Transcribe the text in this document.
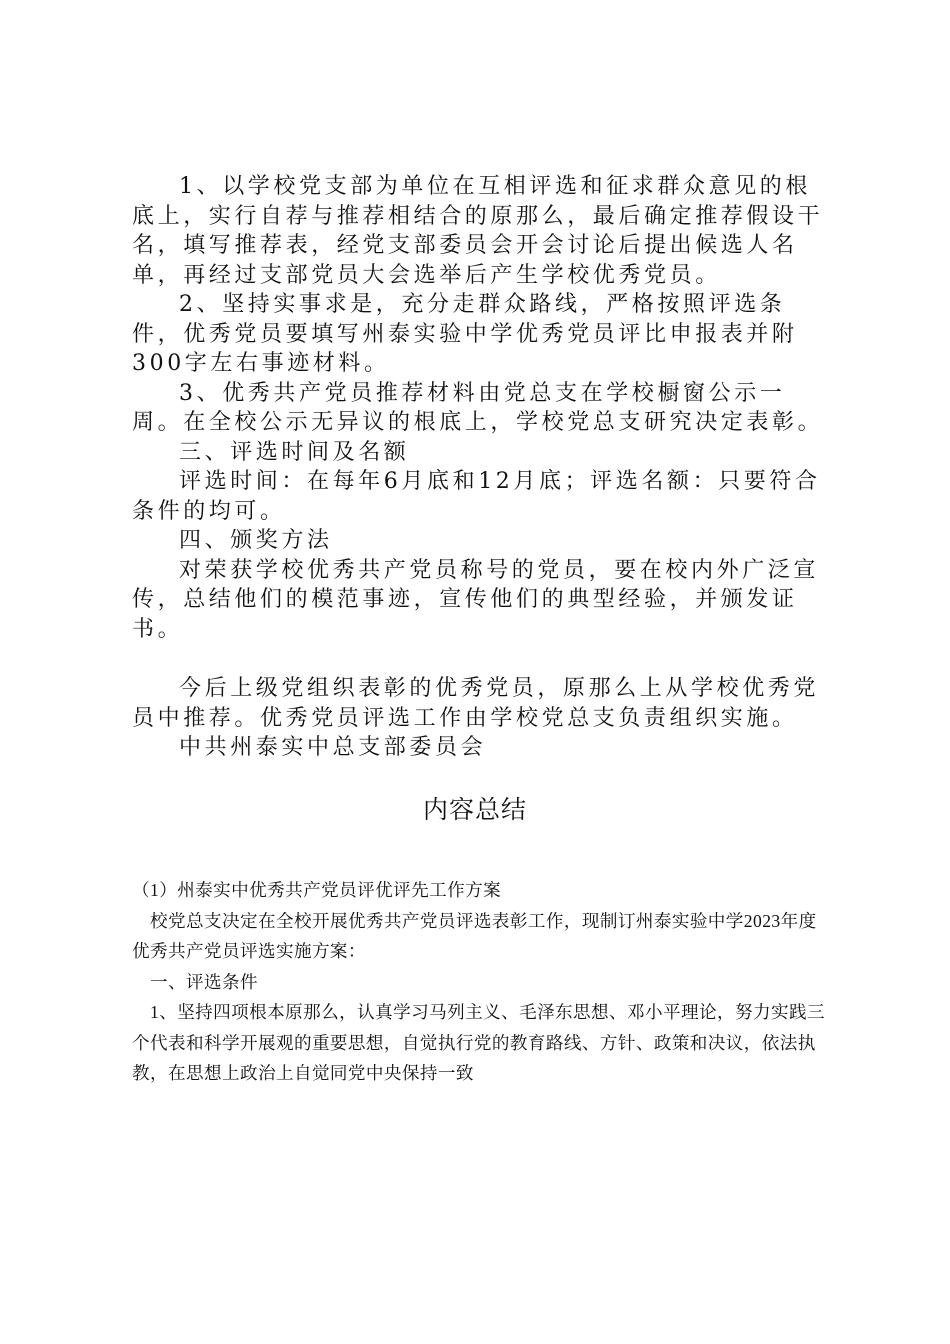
1、以学校党支部为单位在互相评选和征求群众意见的根底上，实行自荐与推荐相结合的原那么，最后确定推荐假设干名，填写推荐表，经党支部委员会开会讨论后提出候选人名单，再经过支部党员大会选举后产生学校优秀党员。

2、坚持实事求是，充分走群众路线，严格按照评选条件，优秀党员要填写州泰实验中学优秀党员评比申报表并附300字左右事迹材料。

3、优秀共产党员推荐材料由党总支在学校橱窗公示一周。在全校公示无异议的根底上，学校党总支研究决定表彰。

三、评选时间及名额

评选时间：在每年6月底和12月底；评选名额：只要符合条件的均可。

四、颁奖方法

对荣获学校优秀共产党员称号的党员，要在校内外广泛宣传，总结他们的模范事迹，宣传他们的典型经验，并颁发证书。

今后上级党组织表彰的优秀党员，原那么上从学校优秀党员中推荐。优秀党员评选工作由学校党总支负责组织实施。

中共州泰实中总支部委员会

内容总结

（1）州泰实中优秀共产党员评优评先工作方案

校党总支决定在全校开展优秀共产党员评选表彰工作，现制订州泰实验中学2023年度优秀共产党员评选实施方案：

一、评选条件

1、坚持四项根本原那么，认真学习马列主义、毛泽东思想、邓小平理论，努力实践三个代表和科学开展观的重要思想，自觉执行党的教育路线、方针、政策和决议，依法执教，在思想上政治上自觉同党中央保持一致
